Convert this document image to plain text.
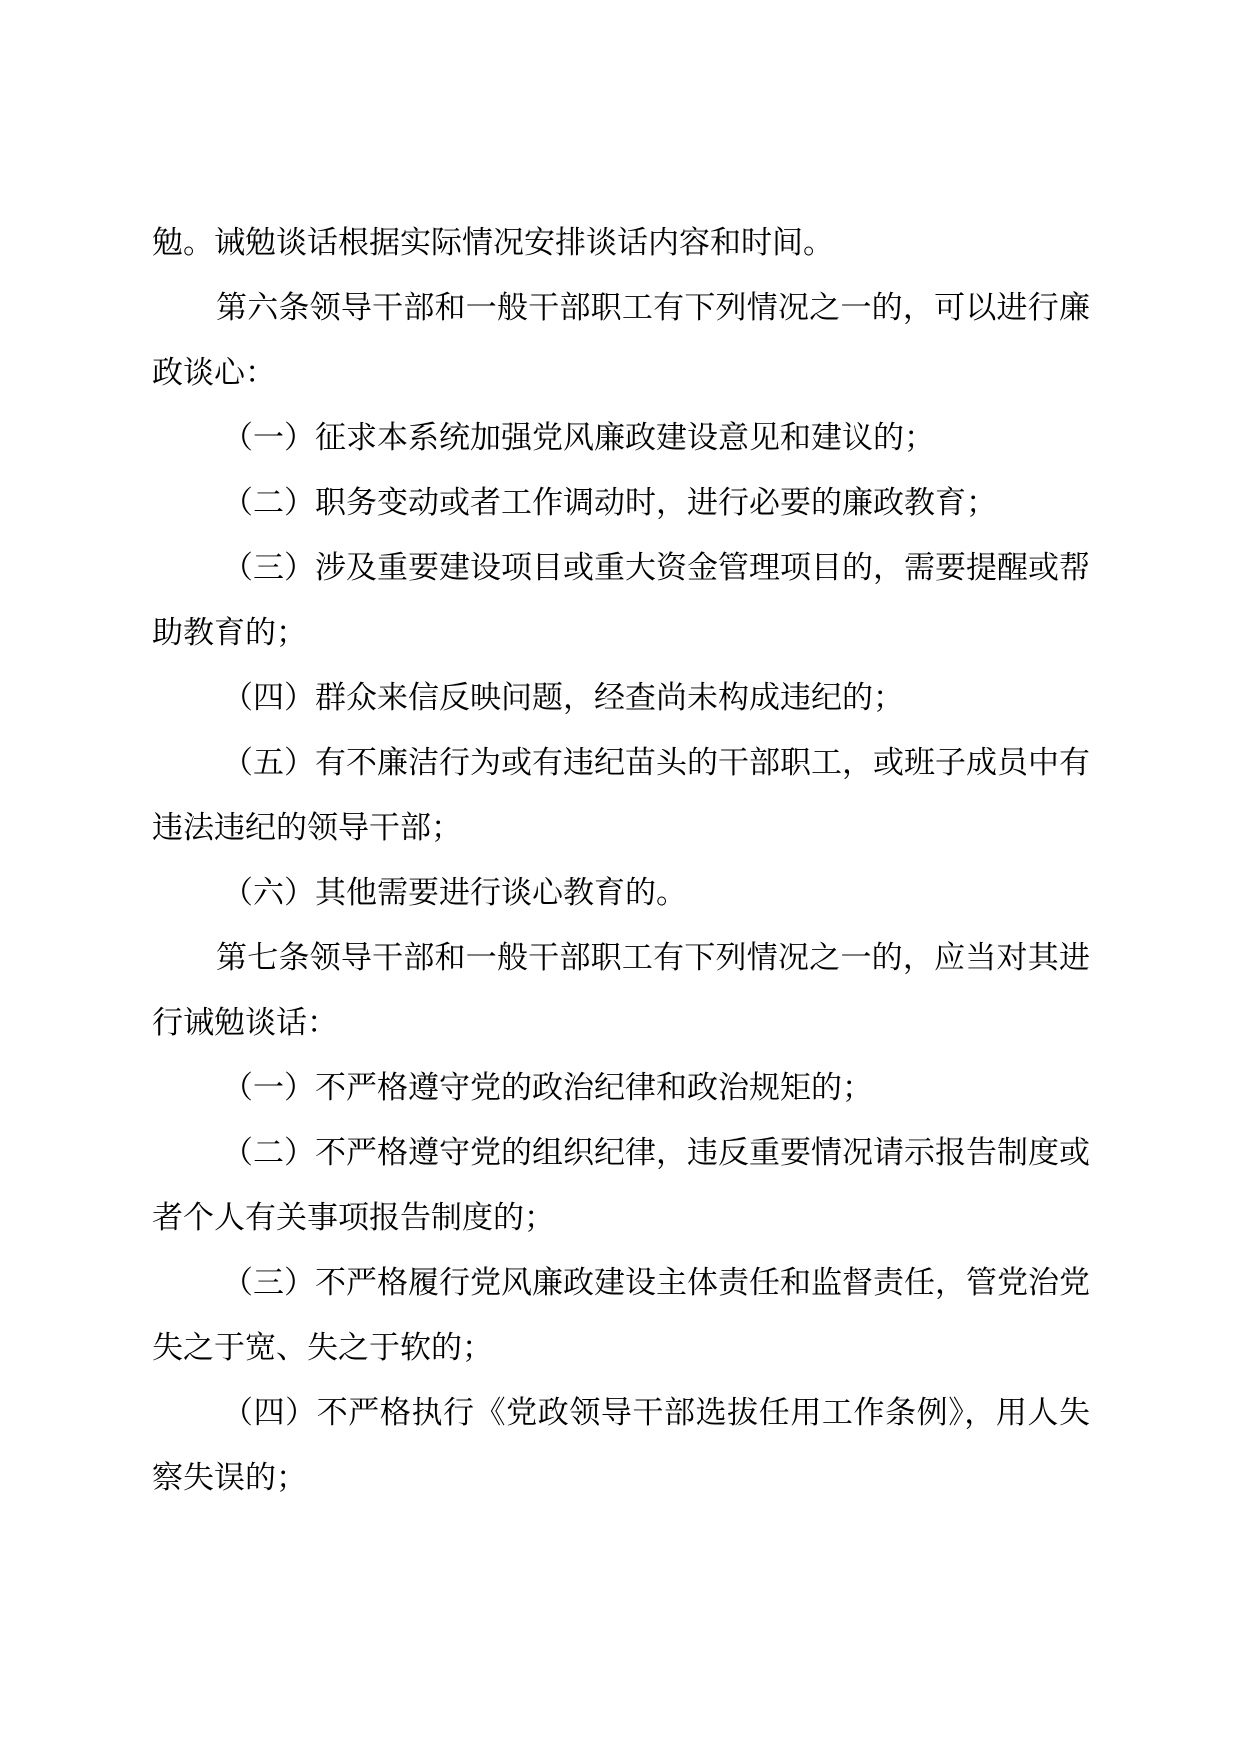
勉。诫勉谈话根据实际情况安排谈话内容和时间。

第六条领导干部和一般干部职工有下列情况之一的，可以进行廉政谈心：

（一）征求本系统加强党风廉政建设意见和建议的；

（二）职务变动或者工作调动时，进行必要的廉政教育；

（三）涉及重要建设项目或重大资金管理项目的，需要提醒或帮助教育的；

（四）群众来信反映问题，经查尚未构成违纪的；

（五）有不廉洁行为或有违纪苗头的干部职工，或班子成员中有违法违纪的领导干部；

（六）其他需要进行谈心教育的。

第七条领导干部和一般干部职工有下列情况之一的，应当对其进行诫勉谈话：

（一）不严格遵守党的政治纪律和政治规矩的；

（二）不严格遵守党的组织纪律，违反重要情况请示报告制度或者个人有关事项报告制度的；

（三）不严格履行党风廉政建设主体责任和监督责任，管党治党失之于宽、失之于软的；

（四）不严格执行《党政领导干部选拔任用工作条例》，用人失察失误的；
